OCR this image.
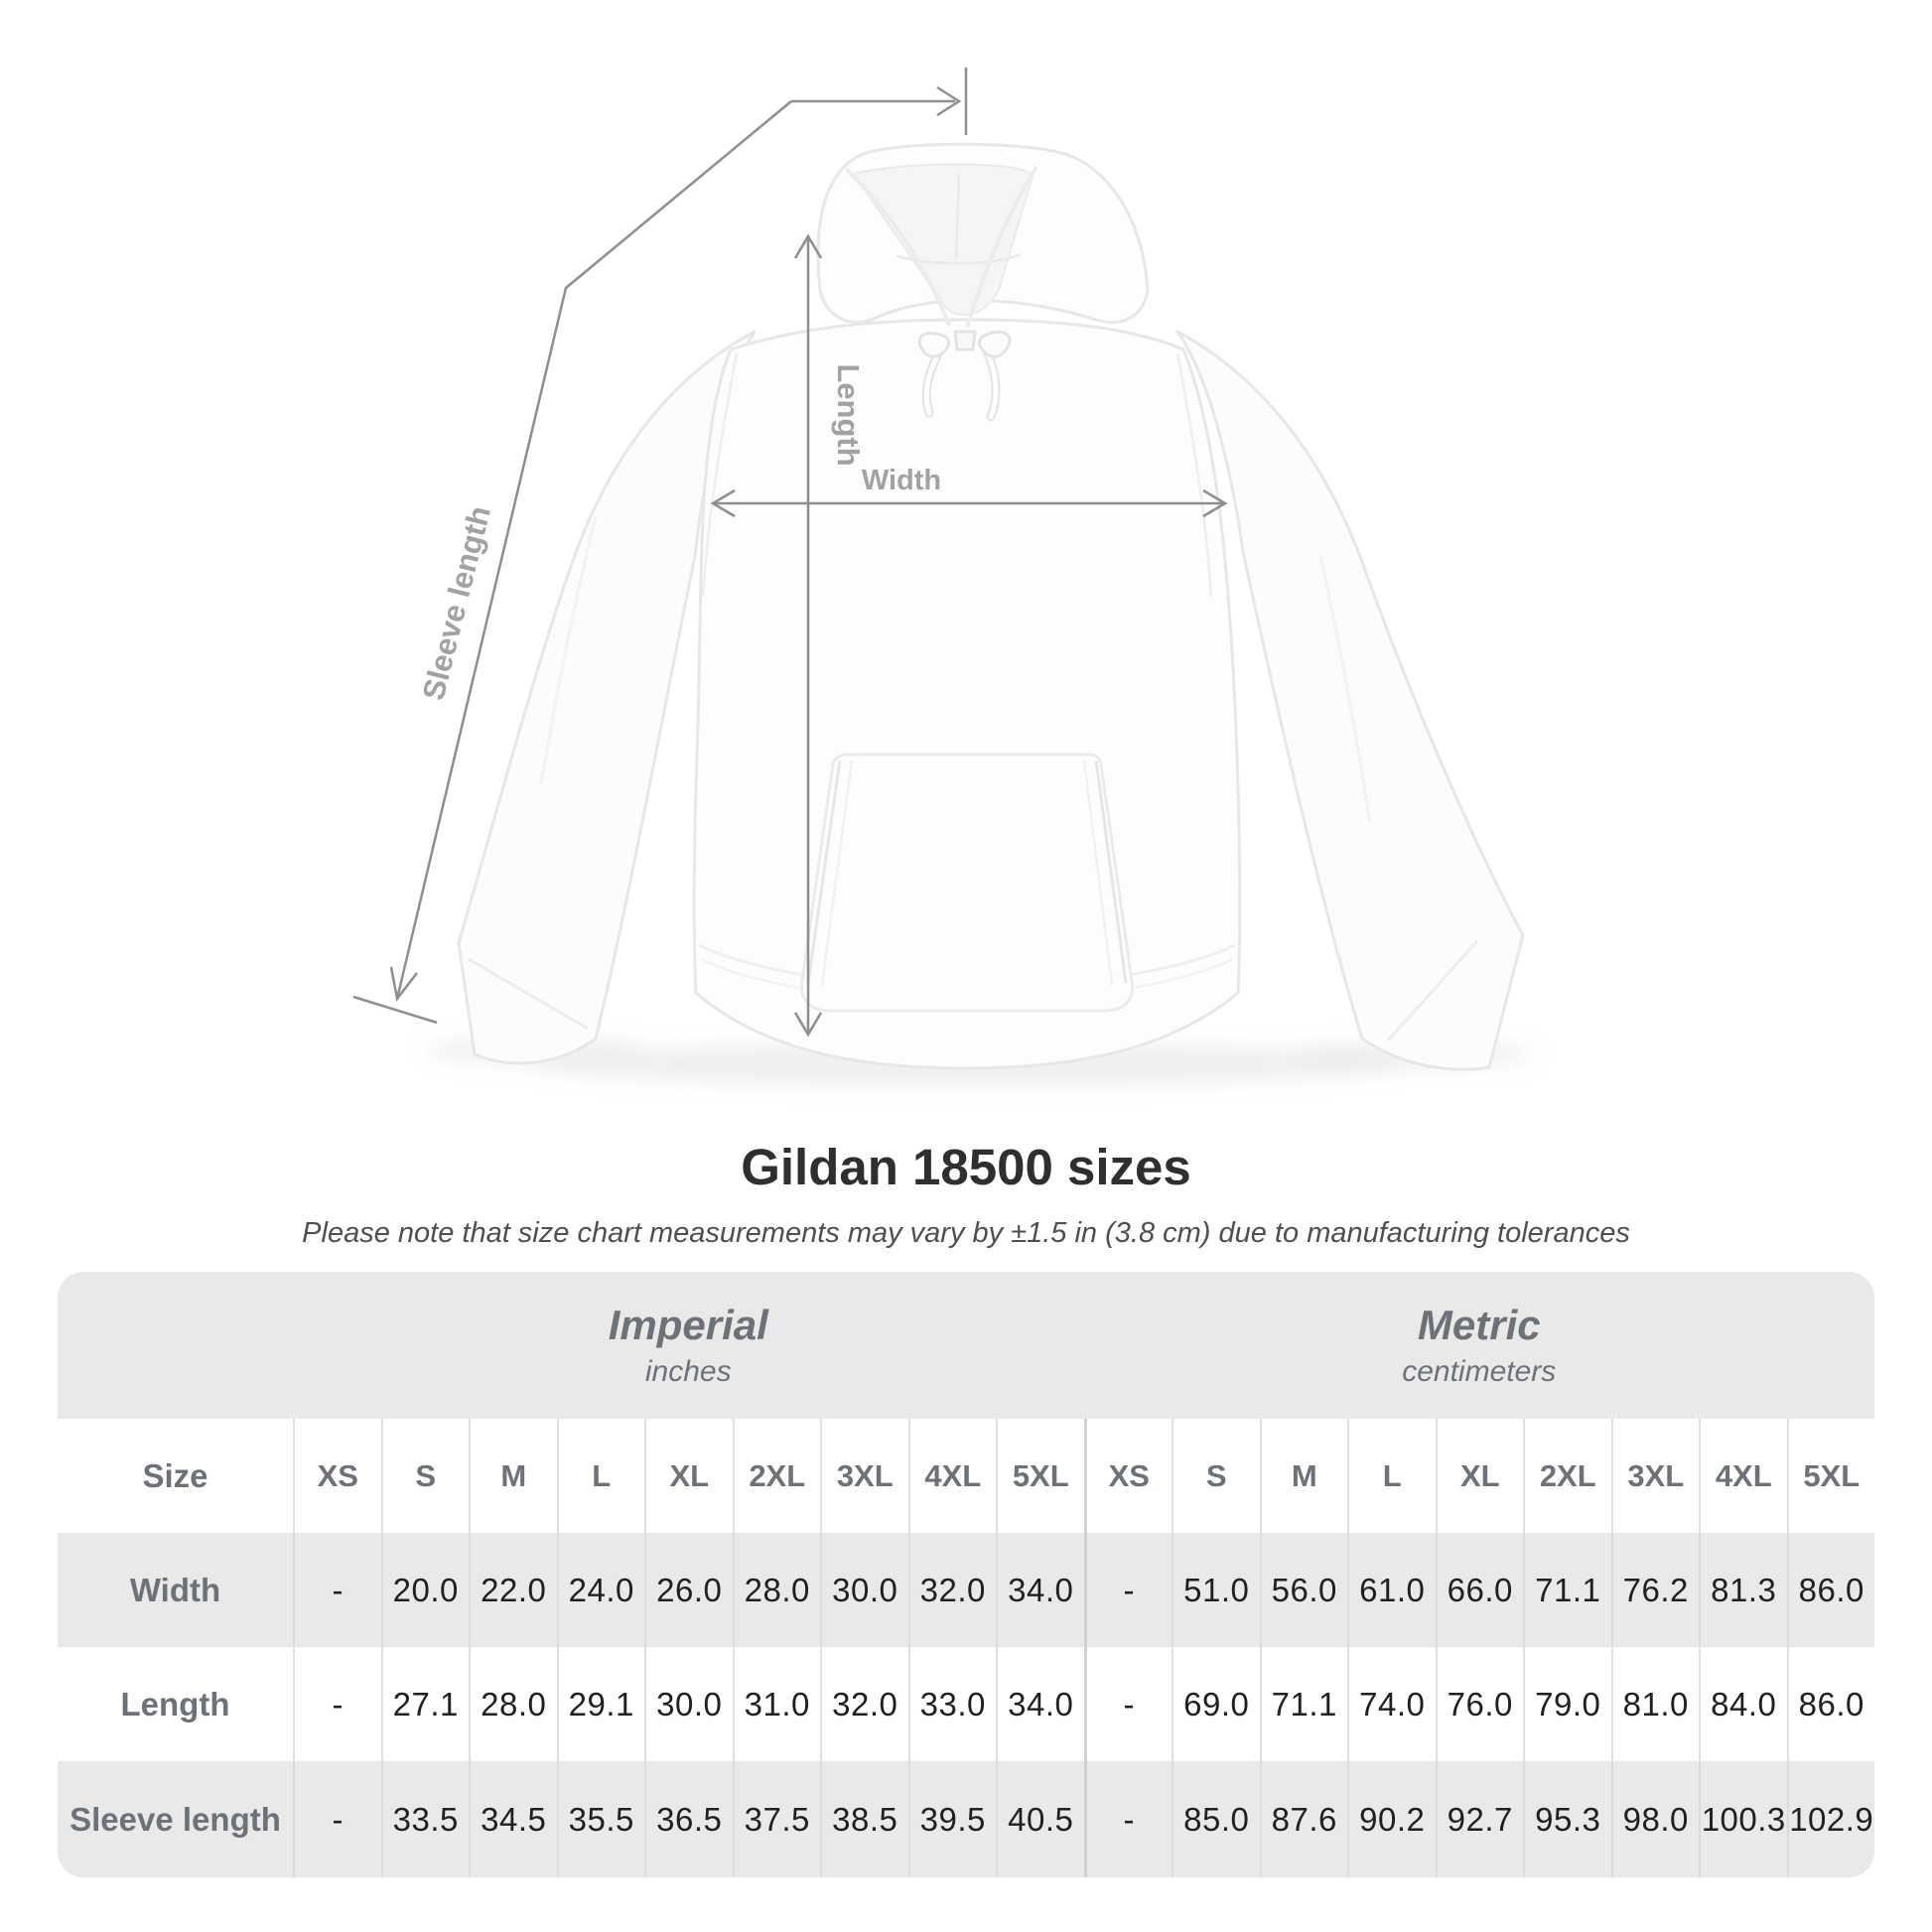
Length
Width
Sleeve length
Gildan 18500 sizes
Please note that size chart measurements may vary by ±1.5 in (3.8 cm) due to manufacturing tolerances
Imperial
inches
Metric
centimeters
Size	XS	S	M	L	XL	2XL	3XL	4XL	5XL	XS	S	M	L	XL	2XL	3XL	4XL	5XL
Width	-	20.0 22.0 24.0 26.0 28.0 30.0 32.0 34.0	-	51.0 56.0 61.0 66.0 71.1 76.2 81.3 86.0
Length	-	27.1 28.0 29.1 30.0 31.0 32.0 33.0 34.0	-	69.0 71.1 74.0 76.0 79.0 81.0 84.0 86.0
Sleeve length	-	33.5 34.5 35.5 36.5 37.5 38.5 39.5 40.5	-	85.0 87.6 90.2 92.7 95.3 98.0 100.3 102.9
